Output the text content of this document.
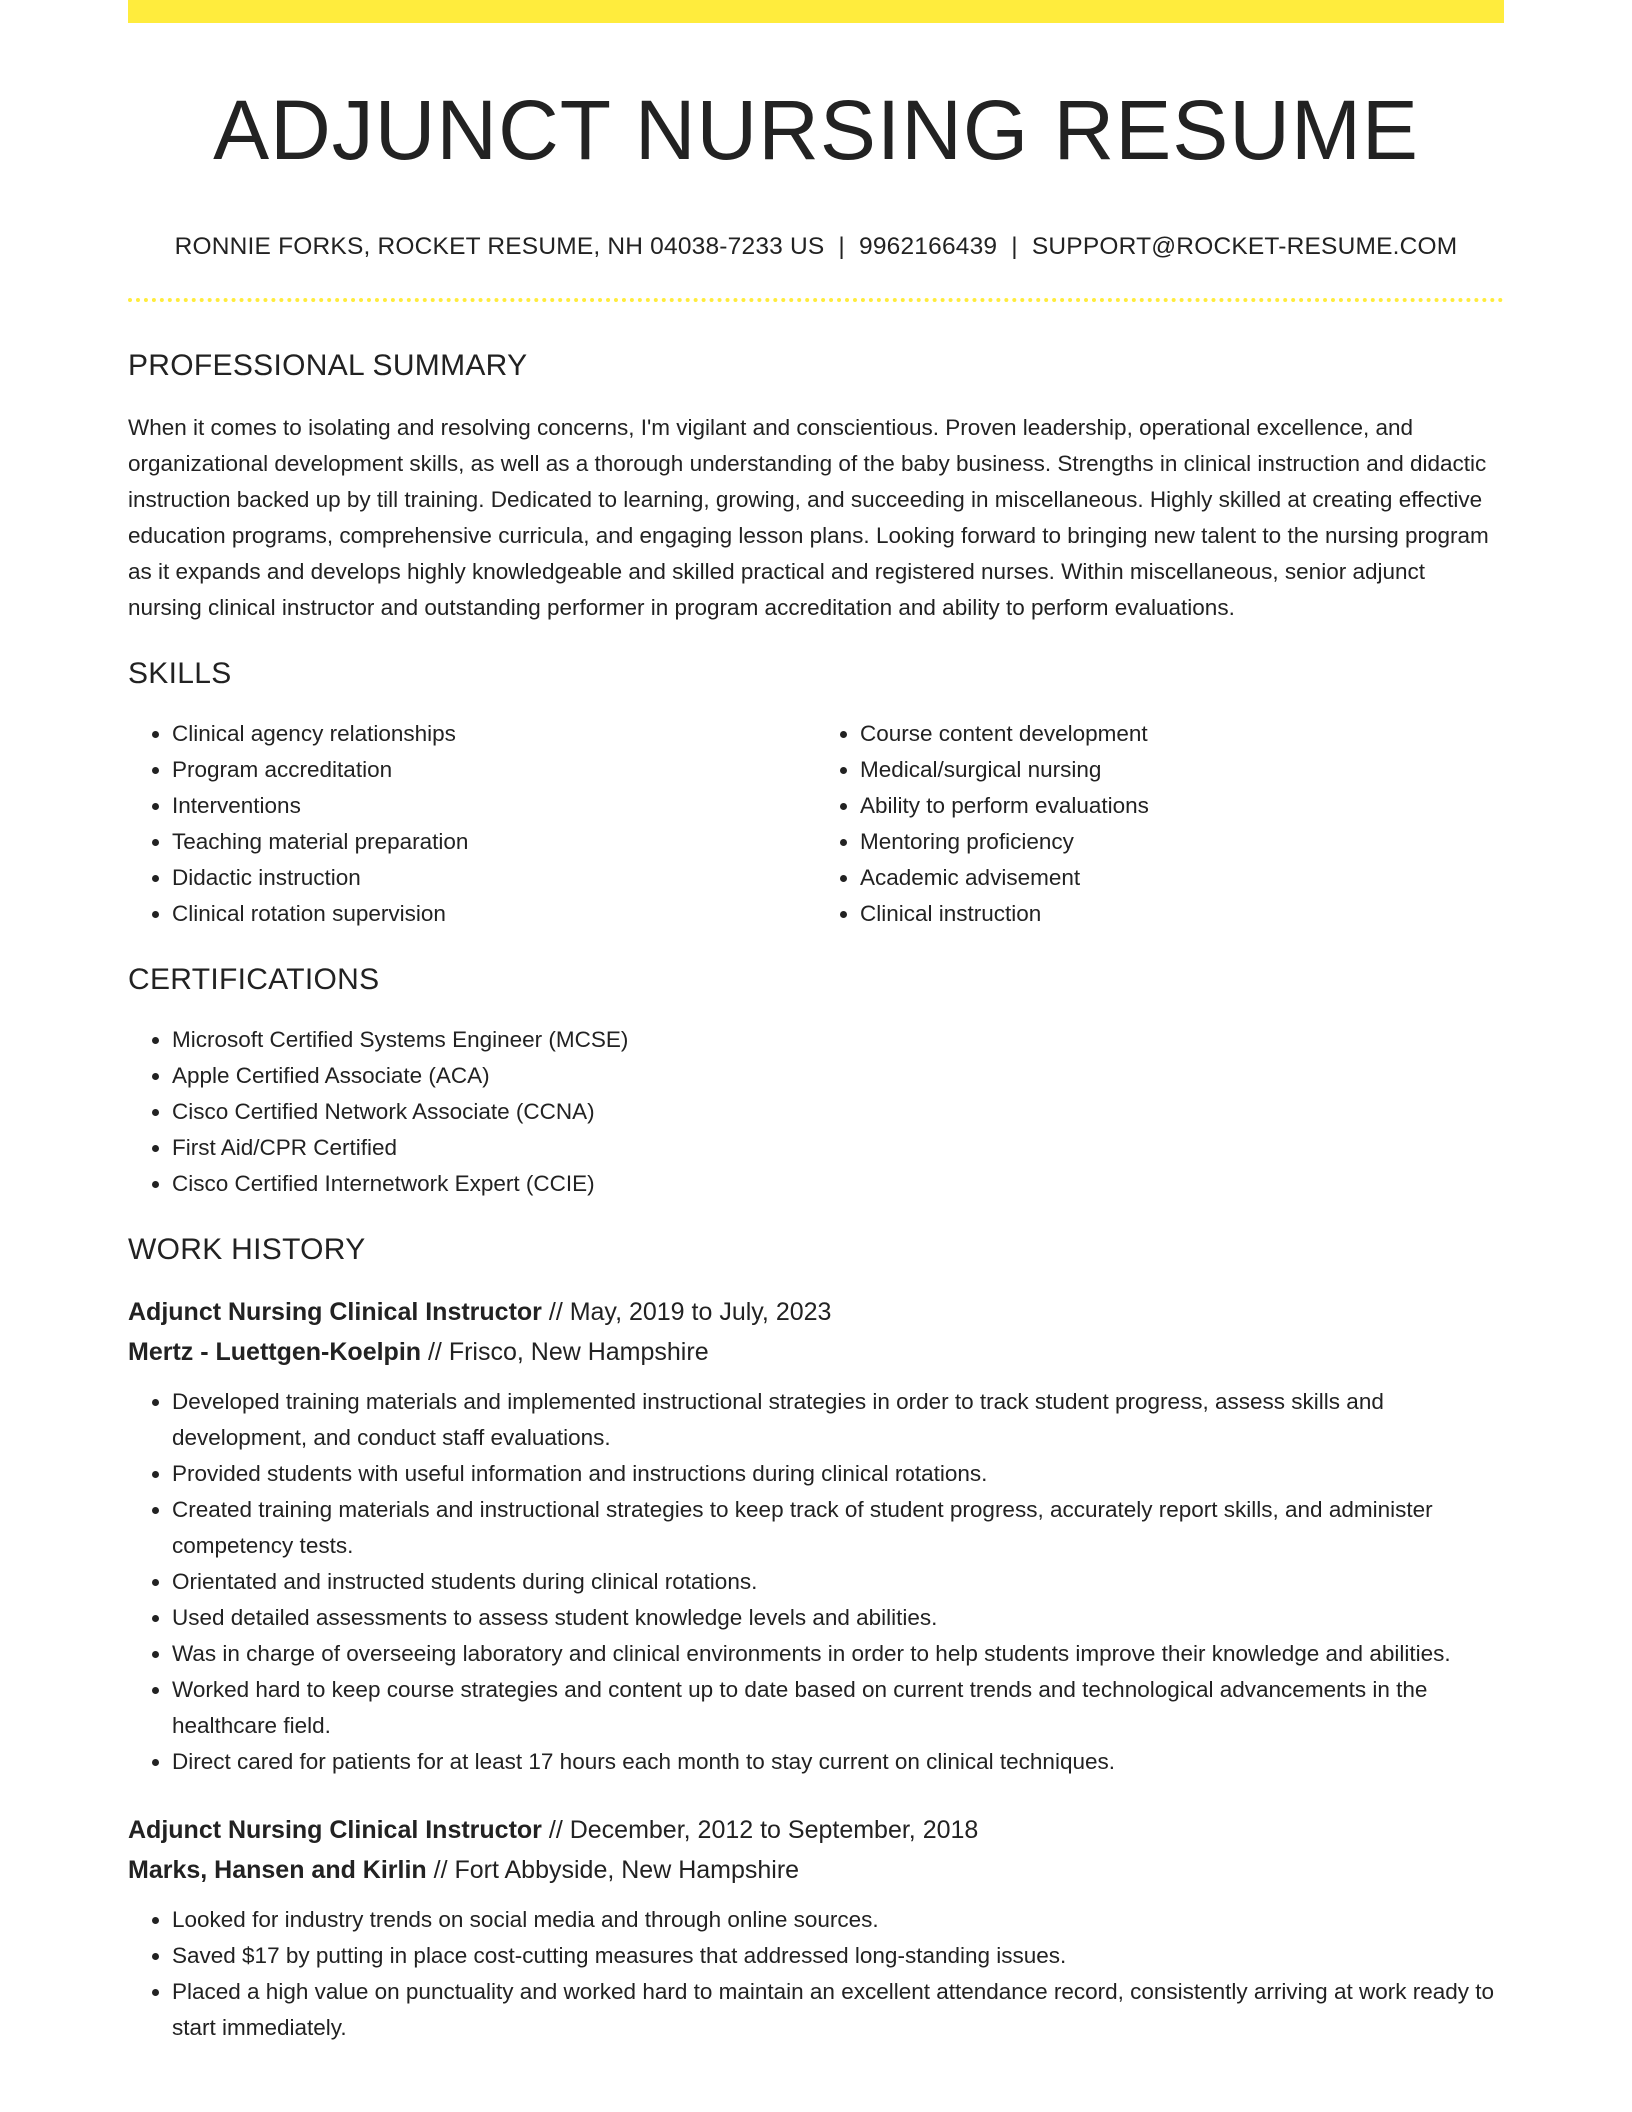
ADJUNCT NURSING RESUME
RONNIE FORKS, ROCKET RESUME, NH 04038-7233 US | 9962166439 | SUPPORT@ROCKET-RESUME.COM
PROFESSIONAL SUMMARY

When it comes to isolating and resolving concerns, I'm vigilant and conscientious. Proven leadership, operational excellence, and organizational development skills, as well as a thorough understanding of the baby business. Strengths in clinical instruction and didactic instruction backed up by till training. Dedicated to learning, growing, and succeeding in miscellaneous. Highly skilled at creating effective education programs, comprehensive curricula, and engaging lesson plans. Looking forward to bringing new talent to the nursing program as it expands and develops highly knowledgeable and skilled practical and registered nurses. Within miscellaneous, senior adjunct nursing clinical instructor and outstanding performer in program accreditation and ability to perform evaluations.

SKILLS
• Clinical agency relationships
• Program accreditation
• Interventions
• Teaching material preparation
• Didactic instruction
• Clinical rotation supervision
• Course content development
• Medical/surgical nursing
• Ability to perform evaluations
• Mentoring proficiency
• Academic advisement
• Clinical instruction
CERTIFICATIONS
• Microsoft Certified Systems Engineer (MCSE)
• Apple Certified Associate (ACA)
• Cisco Certified Network Associate (CCNA)
• First Aid/CPR Certified
• Cisco Certified Internetwork Expert (CCIE)
WORK HISTORY
Adjunct Nursing Clinical Instructor // May, 2019 to July, 2023
Mertz - Luettgen-Koelpin // Frisco, New Hampshire
• Developed training materials and implemented instructional strategies in order to track student progress, assess skills and development, and conduct staff evaluations.
• Provided students with useful information and instructions during clinical rotations.
• Created training materials and instructional strategies to keep track of student progress, accurately report skills, and administer competency tests.
• Orientated and instructed students during clinical rotations.
• Used detailed assessments to assess student knowledge levels and abilities.
• Was in charge of overseeing laboratory and clinical environments in order to help students improve their knowledge and abilities.
• Worked hard to keep course strategies and content up to date based on current trends and technological advancements in the healthcare field.
• Direct cared for patients for at least 17 hours each month to stay current on clinical techniques.
Adjunct Nursing Clinical Instructor // December, 2012 to September, 2018
Marks, Hansen and Kirlin // Fort Abbyside, New Hampshire
• Looked for industry trends on social media and through online sources.
• Saved $17 by putting in place cost-cutting measures that addressed long-standing issues.
• Placed a high value on punctuality and worked hard to maintain an excellent attendance record, consistently arriving at work ready to start immediately.
